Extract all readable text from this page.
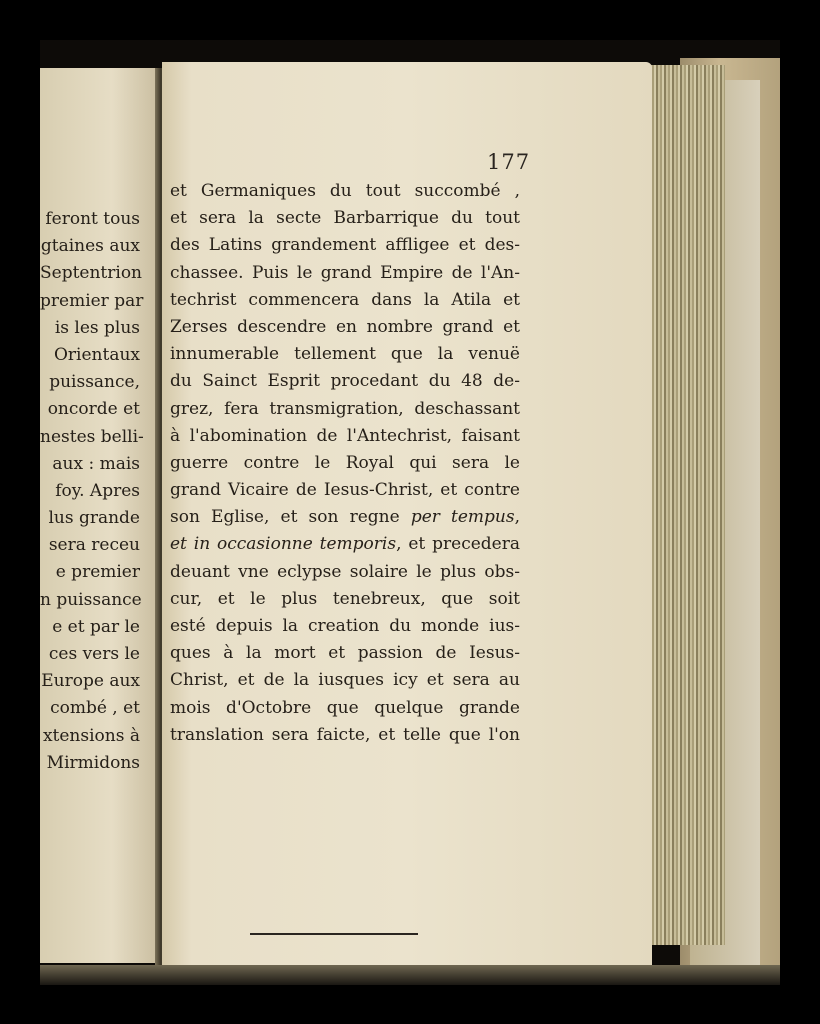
feront tous
gtaines aux
Septentrion
premier par
is les plus
Orientaux
puissance,
oncorde et
nestes belli-
aux : mais
foy. Apres
lus grande
sera receu
e premier
n puissance
e et par le
ces vers le
Europe aux
combé , et
xtensions à
Mirmidons
177
et Germaniques du tout succombé ,
et sera la secte Barbarrique du tout
des Latins grandement affligee et des-
chassee. Puis le grand Empire de l'An-
techrist commencera dans la Atila et
Zerses descendre en nombre grand et
innumerable tellement que la venuë
du Sainct Esprit procedant du 48 de-
grez, fera transmigration, deschassant
à l'abomination de l'Antechrist, faisant
guerre contre le Royal qui sera le
grand Vicaire de Iesus-Christ, et contre
son Eglise, et son regne per tempus,
et in occasionne temporis, et precedera
deuant vne eclypse solaire le plus obs-
cur, et le plus tenebreux, que soit
esté depuis la creation du monde ius-
ques à la mort et passion de Iesus-
Christ, et de la iusques icy et sera au
mois d'Octobre que quelque grande
translation sera faicte, et telle que l'on
